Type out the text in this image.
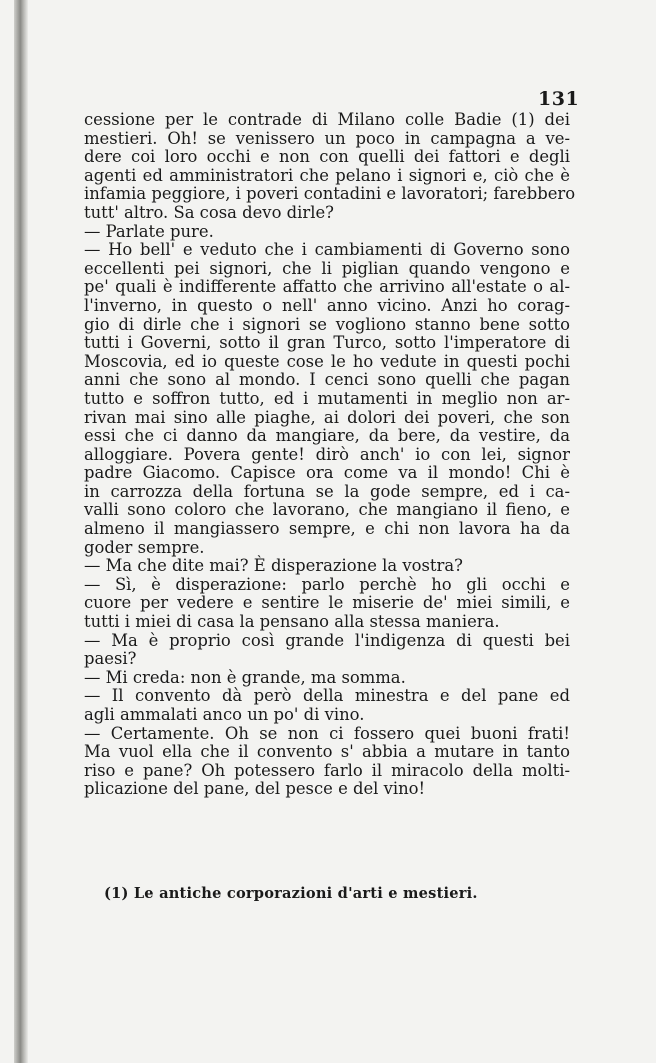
131
cessione per le contrade di Milano colle Badie (1) dei
mestieri. Oh! se venissero un poco in campagna a ve-
dere coi loro occhi e non con quelli dei fattori e degli
agenti ed amministratori che pelano i signori e, ciò che è
infamia peggiore, i poveri contadini e lavoratori; farebbero
tutt' altro. Sa cosa devo dirle?
— Parlate pure.
— Ho bell' e veduto che i cambiamenti di Governo sono
eccellenti pei signori, che li piglian quando vengono e
pe' quali è indifferente affatto che arrivino all'estate o al-
l'inverno, in questo o nell' anno vicino. Anzi ho corag-
gio di dirle che i signori se vogliono stanno bene sotto
tutti i Governi, sotto il gran Turco, sotto l'imperatore di
Moscovia, ed io queste cose le ho vedute in questi pochi
anni che sono al mondo. I cenci sono quelli che pagan
tutto e soffron tutto, ed i mutamenti in meglio non ar-
rivan mai sino alle piaghe, ai dolori dei poveri, che son
essi che ci danno da mangiare, da bere, da vestire, da
alloggiare. Povera gente! dirò anch' io con lei, signor
padre Giacomo. Capisce ora come va il mondo! Chi è
in carrozza della fortuna se la gode sempre, ed i ca-
valli sono coloro che lavorano, che mangiano il fieno, e
almeno il mangiassero sempre, e chi non lavora ha da
goder sempre.
— Ma che dite mai? È disperazione la vostra?
— Sì, è disperazione: parlo perchè ho gli occhi e
cuore per vedere e sentire le miserie de' miei simili, e
tutti i miei di casa la pensano alla stessa maniera.
— Ma è proprio così grande l'indigenza di questi bei
paesi?
— Mi creda: non è grande, ma somma.
— Il convento dà però della minestra e del pane ed
agli ammalati anco un po' di vino.
— Certamente. Oh se non ci fossero quei buoni frati!
Ma vuol ella che il convento s' abbia a mutare in tanto
riso e pane? Oh potessero farlo il miracolo della molti-
plicazione del pane, del pesce e del vino!
(1) Le antiche corporazioni d'arti e mestieri.
